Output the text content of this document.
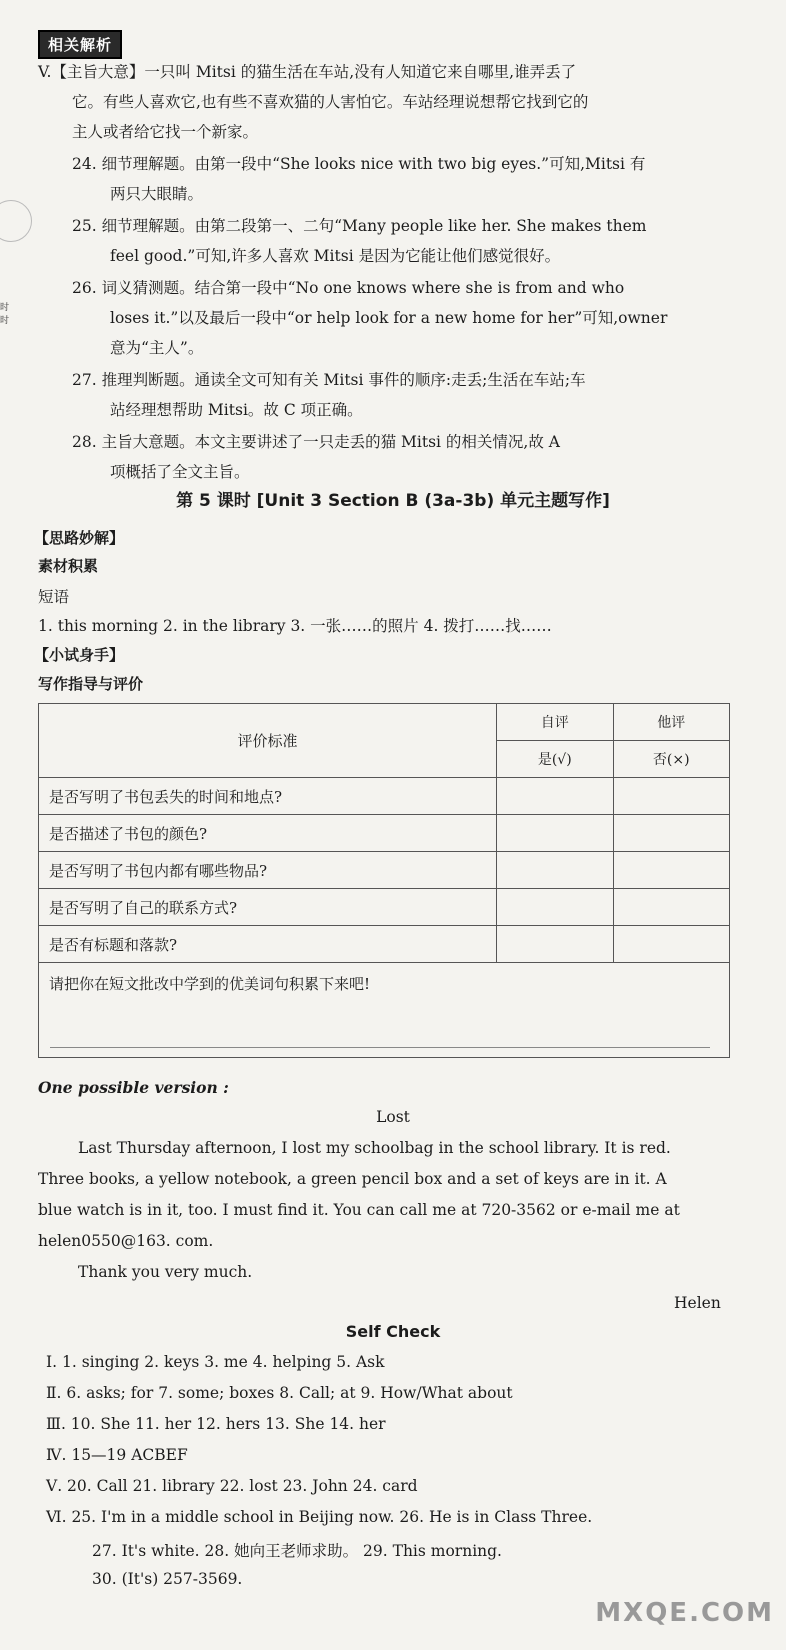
时
时
相关解析
V.【主旨大意】一只叫 Mitsi 的猫生活在车站,没有人知道它来自哪里,谁弄丢了
它。有些人喜欢它,也有些不喜欢猫的人害怕它。车站经理说想帮它找到它的
主人或者给它找一个新家。
24. 细节理解题。由第一段中“She looks nice with two big eyes.”可知,Mitsi 有
两只大眼睛。
25. 细节理解题。由第二段第一、二句“Many people like her. She makes them
feel good.”可知,许多人喜欢 Mitsi 是因为它能让他们感觉很好。
26. 词义猜测题。结合第一段中“No one knows where she is from and who
loses it.”以及最后一段中“or help look for a new home for her”可知,owner
意为“主人”。
27. 推理判断题。通读全文可知有关 Mitsi 事件的顺序:走丢;生活在车站;车
站经理想帮助 Mitsi。故 C 项正确。
28. 主旨大意题。本文主要讲述了一只走丢的猫 Mitsi 的相关情况,故 A
项概括了全文主旨。
第 5 课时 [Unit 3 Section B (3a-3b) 单元主题写作]
【思路妙解】
素材积累
短语
1. this morning 2. in the library 3. 一张……的照片 4. 拨打……找……
【小试身手】
写作指导与评价
评价标准	自评	他评
	是(√)	否(×)
是否写明了书包丢失的时间和地点?		
是否描述了书包的颜色?		
是否写明了书包内都有哪些物品?		
是否写明了自己的联系方式?		
是否有标题和落款?		
请把你在短文批改中学到的优美词句积累下来吧!		
One possible version :
Lost
Last Thursday afternoon, I lost my schoolbag in the school library. It is red.
Three books, a yellow notebook, a green pencil box and a set of keys are in it. A
blue watch is in it, too. I must find it. You can call me at 720-3562 or e-mail me at
helen0550@163. com.
Thank you very much.
Helen
Self Check
Ⅰ. 1. singing 2. keys 3. me 4. helping 5. Ask
Ⅱ. 6. asks; for 7. some; boxes 8. Call; at 9. How/What about
Ⅲ. 10. She 11. her 12. hers 13. She 14. her
Ⅳ. 15—19 ACBEF
Ⅴ. 20. Call 21. library 22. lost 23. John 24. card
Ⅵ. 25. I'm in a middle school in Beijing now. 26. He is in Class Three.
27. It's white. 28. 她向王老师求助。 29. This morning.
30. (It's) 257-3569.
MXQE.COM
